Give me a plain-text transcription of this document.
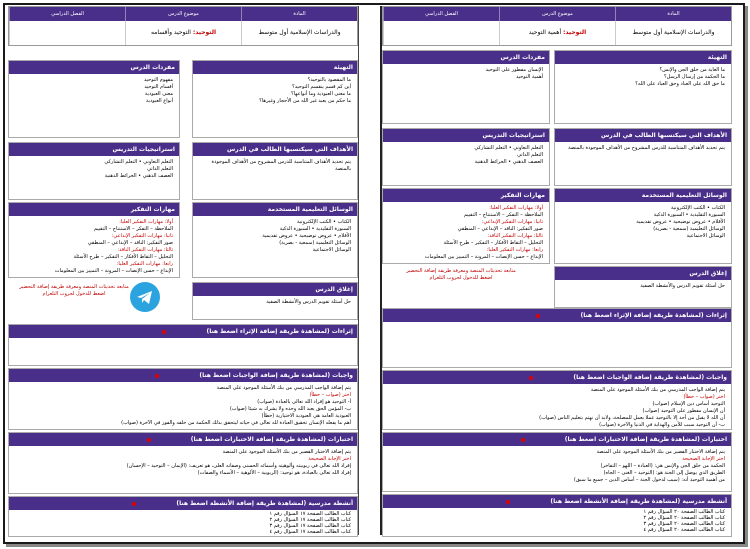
المادة
موضوع الدرس
الفصل الدراسي
والدراسات الإسلامية أول متوسط
التوحيد: التوحيد وأقسامه
التهيئة
ما المقصود بالتوحيد؟
أين كم قسم ينقسم التوحيد؟
ما معنى العبودية وما أنواعها؟
ما حكم من يعبد غير الله من الأحجار وغيرها؟
مفردات الدرس
مفهوم التوحيد
أقسام التوحيد
معنى العبودية
أنواع العبودية
الأهداف التي سيكتسبها الطالب في الدرس
يتم تحديد الأهداف المتناسبة للدرس المشروح من الأهداف الموجودة بالمنصة
استراتيجيات التدريس
التعلم التعاوني • التعلم التشاركي
التعلم الذاتي
العصف الذهني • الخرائط الذهنية
الوسائل التعليمية المستخدمة
الكتاب • الكتب الإلكترونية
السبورة التقليدية • السبورة الذكية
الأقلام • عروض توضيحية • عروض تقديمية
الوسائل التعليمية (سمعية - بصرية)
الوسائل الاجتماعية
مهارات التفكير
أولا: مهارات التفكير العليا:
الملاحظة – التفكر – الاستنتاج – التقييم
ثانيا: مهارات التفكير الإبداعي:
صور التفكير: الناقد – الإبداعي – المنطقي
ثالثا: مهارات التفكير الناقد:
التحليل – التقاط الأفكار – التفكير – طرح الأسئلة
رابعا: مهارات التفكير العليا:
الإبداع – حسن الإنصات – المرونة – التمييز بين المعلومات
متابعة تحديثات المنصة ومعرفة طريقة إضافة التحضير
اضغط للدخول لجروب التلغرام
إغلاق الدرس
حل أسئلة تقويم الدرس والأنشطة الصفية
إثراءات (لمشاهدة طريقة إضافة الإثراء اضغط هنا)
واجبات (لمشاهدة طريقة إضافة الواجبات اضغط هنا)
يتم إضافة الواجب المدرسي من بنك الأسئلة الموجود على المنصة
اختر (صواب – خطأ)
أ- التوحيد هو إفراد الله تعالى بالعبادة (صواب)
ب- المؤمن الحق يعبد الله وحده ولا يشرك به شيئا (صواب)
العبودية العامة هي العبودية الاختيارية (خطأ)
أهم ما يفعله الإنسان تحقيق العبادة لله تعالى في حياته ليتحقق بذلك الحكمة من خلقه والفوز في الآخرة (صواب)
اختبارات (لمشاهدة طريقة إضافة الاختبارات اضغط هنا)
يتم إضافة الاختبار القصير من بنك الأسئلة الموجود على المنصة
اختر الإجابة الصحيحة
إفراد الله تعالى في ربوبيته وألوهيته وأسمائه الحسنى وصفاته العلى، هو تعريف: (الإيمان – التوحيد – الإحسان)
إفراد الله تعالى بالعبادة، هو توحيد: (الربوبية – الألوهية – الأسماء والصفات)
أنشطة مدرسية (لمشاهدة طريقة إضافة الأنشطة اضغط هنا)
كتاب الطالب الصفحة ١٧ السؤال رقم ١
كتاب الطالب الصفحة ١٧ السؤال رقم ٢
كتاب الطالب الصفحة ١٧ السؤال رقم ٣
كتاب الطالب الصفحة ١٧ السؤال رقم ٤
المادة
موضوع الدرس
الفصل الدراسي
والدراسات الإسلامية أول متوسط
التوحيد: أهمية التوحيد
التهيئة
ما الغاية من خلق الجن والإنس؟
ما الحكمة من إرسال الرسل؟
ما حق الله على العباد وحق العباد على الله؟
مفردات الدرس
الإنسان مفطور على التوحيد
أهمية التوحيد
الأهداف التي سيكتسبها الطالب في الدرس
يتم تحديد الأهداف المتناسبة للدرس المشروح من الأهداف الموجودة بالمنصة
استراتيجيات التدريس
التعلم التعاوني • التعلم التشاركي
التعلم الذاتي
العصف الذهني • الخرائط الذهنية
الوسائل التعليمية المستخدمة
الكتاب • الكتب الإلكترونية
السبورة التقليدية • السبورة الذكية
الأقلام • عروض توضيحية • عروض تقديمية
الوسائل التعليمية (سمعية - بصرية)
الوسائل الاجتماعية
مهارات التفكير
أولا: مهارات التفكير العليا:
الملاحظة – التفكر – الاستنتاج – التقييم
ثانيا: مهارات التفكير الإبداعي:
صور التفكير: الناقد – الإبداعي – المنطقي
ثالثا: مهارات التفكير الناقد:
التحليل – التقاط الأفكار – التفكير – طرح الأسئلة
رابعا: مهارات التفكير العليا:
الإبداع – حسن الإنصات – المرونة – التمييز بين المعلومات
متابعة تحديثات المنصة ومعرفة طريقة إضافة التحضير
اضغط للدخول لجروب التلغرام
إغلاق الدرس
حل أسئلة تقويم الدرس والأنشطة الصفية
إثراءات (لمشاهدة طريقة إضافة الإثراء اضغط هنا)
واجبات (لمشاهدة طريقة إضافة الواجبات اضغط هنا)
يتم إضافة الواجب المدرسي من بنك الأسئلة الموجود على المنصة
اختر (صواب – خطأ)
التوحيد أساس دين الإسلام (صواب)
أن الإنسان مفطور على التوحيد (صواب)
أن الله لا يقبل من أحد إلا بالتوحيد عملا يعمل للمصلحة، ولابد أن نهتم بتعليم الناس (صواب)
ب- أن التوحيد سبب للأمن والهداية في الدنيا والآخرة (صواب)
اختبارات (لمشاهدة طريقة إضافة الاختبارات اضغط هنا)
يتم إضافة الاختبار القصير من بنك الأسئلة الموجود على المنصة
اختر الإجابة الصحيحة
الحكمة من خلق الجن والإنس هي: (العبادة – اللهو – التفاخر)
الطريق الذي يوصل إلى الجنة هو: (التوحيد – الغنى – الجاه)
من أهمية التوحيد أنه: (سبب لدخول الجنة – أساس الدين – جميع ما سبق)
أنشطة مدرسية (لمشاهدة طريقة إضافة الأنشطة اضغط هنا)
كتاب الطالب الصفحة ٢٠ السؤال رقم ١
كتاب الطالب الصفحة ٢٠ السؤال رقم ٢
كتاب الطالب الصفحة ٢٠ السؤال رقم ٣
كتاب الطالب الصفحة ٢٠ السؤال رقم ٤
